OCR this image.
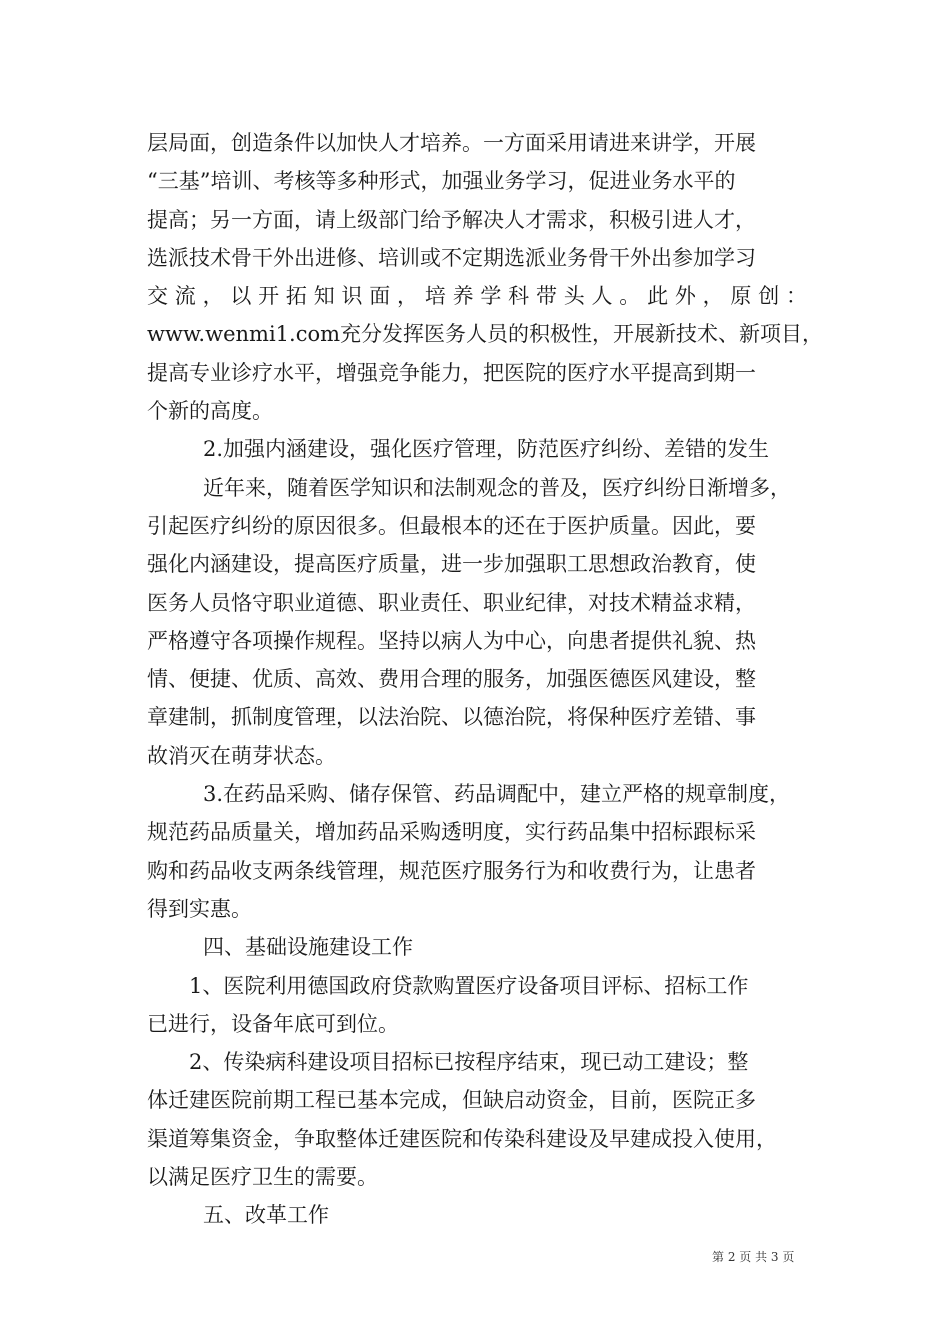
层局面，创造条件以加快人才培养。一方面采用请进来讲学，开展
“三基”培训、考核等多种形式，加强业务学习，促进业务水平的
提高；另一方面，请上级部门给予解决人才需求，积极引进人才，
选派技术骨干外出进修、培训或不定期选派业务骨干外出参加学习
交流，以开拓知识面，培养学科带头人。此外，原创：
www.wenmi1.com充分发挥医务人员的积极性，开展新技术、新项目，
提高专业诊疗水平，增强竞争能力，把医院的医疗水平提高到期一
个新的高度。
2.加强内涵建设，强化医疗管理，防范医疗纠纷、差错的发生
近年来，随着医学知识和法制观念的普及，医疗纠纷日渐增多，
引起医疗纠纷的原因很多。但最根本的还在于医护质量。因此，要
强化内涵建设，提高医疗质量，进一步加强职工思想政治教育，使
医务人员恪守职业道德、职业责任、职业纪律，对技术精益求精，
严格遵守各项操作规程。坚持以病人为中心，向患者提供礼貌、热
情、便捷、优质、高效、费用合理的服务，加强医德医风建设，整
章建制，抓制度管理，以法治院、以德治院，将保种医疗差错、事
故消灭在萌芽状态。
3.在药品采购、储存保管、药品调配中，建立严格的规章制度，
规范药品质量关，增加药品采购透明度，实行药品集中招标跟标采
购和药品收支两条线管理，规范医疗服务行为和收费行为，让患者
得到实惠。
四、基础设施建设工作
1、医院利用德国政府贷款购置医疗设备项目评标、招标工作
已进行，设备年底可到位。
2、传染病科建设项目招标已按程序结束，现已动工建设；整
体迁建医院前期工程已基本完成，但缺启动资金，目前，医院正多
渠道筹集资金，争取整体迁建医院和传染科建设及早建成投入使用，
以满足医疗卫生的需要。
五、改革工作
第 2 页 共 3 页
